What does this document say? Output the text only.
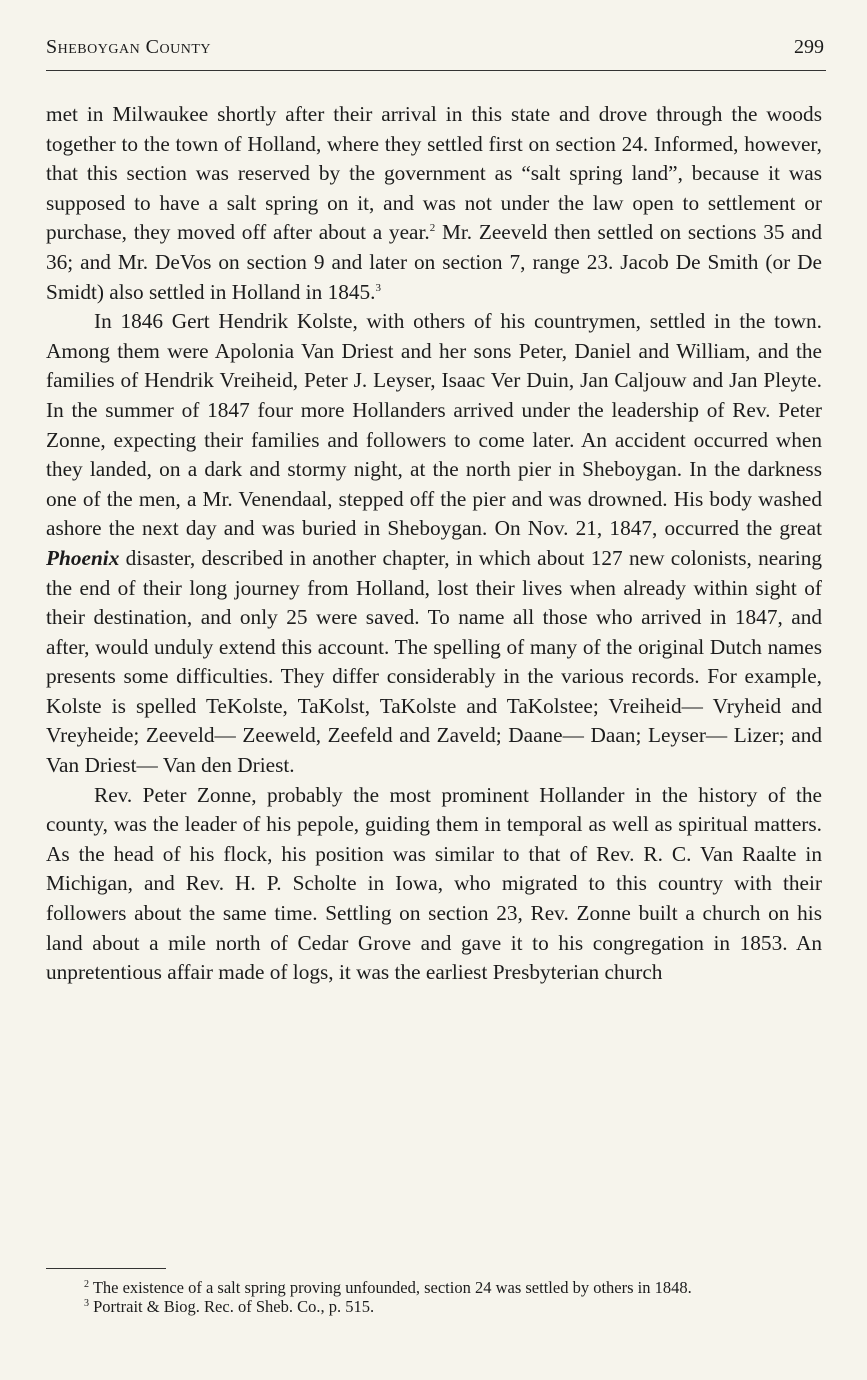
Sheboygan County	299

met in Milwaukee shortly after their arrival in this state and drove through the woods together to the town of Holland, where they settled first on section 24. Informed, however, that this section was reserved by the government as “salt spring land”, because it was supposed to have a salt spring on it, and was not under the law open to settlement or purchase, they moved off after about a year.$^2$ Mr. Zeeveld then settled on sections 35 and 36; and Mr. DeVos on section 9 and later on section 7, range 23. Jacob De Smith (or De Smidt) also settled in Holland in 1845.$^3$

In 1846 Gert Hendrik Kolste, with others of his countrymen, settled in the town. Among them were Apolonia Van Driest and her sons Peter, Daniel and William, and the families of Hendrik Vreiheid, Peter J. Leyser, Isaac Ver Duin, Jan Caljouw and Jan Pleyte. In the summer of 1847 four more Hollanders arrived under the leadership of Rev. Peter Zonne, expecting their families and followers to come later. An accident occurred when they landed, on a dark and stormy night, at the north pier in Sheboygan. In the darkness one of the men, a Mr. Venendaal, stepped off the pier and was drowned. His body washed ashore the next day and was buried in Sheboygan. On Nov. 21, 1847, occurred the great Phoenix disaster, described in another chapter, in which about 127 new colonists, nearing the end of their long journey from Holland, lost their lives when already within sight of their destination, and only 25 were saved. To name all those who arrived in 1847, and after, would unduly extend this account. The spelling of many of the original Dutch names presents some difficulties. They differ considerably in the various records. For example, Kolste is spelled TeKolste, TaKolst, TaKolste and TaKolstee; Vreiheid— Vryheid and Vreyheide; Zeeveld— Zeeweld, Zeefeld and Zaveld; Daane— Daan; Leyser— Lizer; and Van Driest— Van den Driest.

Rev. Peter Zonne, probably the most prominent Hollander in the history of the county, was the leader of his pepole, guiding them in temporal as well as spiritual matters. As the head of his flock, his position was similar to that of Rev. R. C. Van Raalte in Michigan, and Rev. H. P. Scholte in Iowa, who migrated to this country with their followers about the same time. Settling on section 23, Rev. Zonne built a church on his land about a mile north of Cedar Grove and gave it to his congregation in 1853. An unpretentious affair made of logs, it was the earliest Presbyterian church

$^2$ The existence of a salt spring proving unfounded, section 24 was settled by others in 1848.

$^3$ Portrait & Biog. Rec. of Sheb. Co., p. 515.
